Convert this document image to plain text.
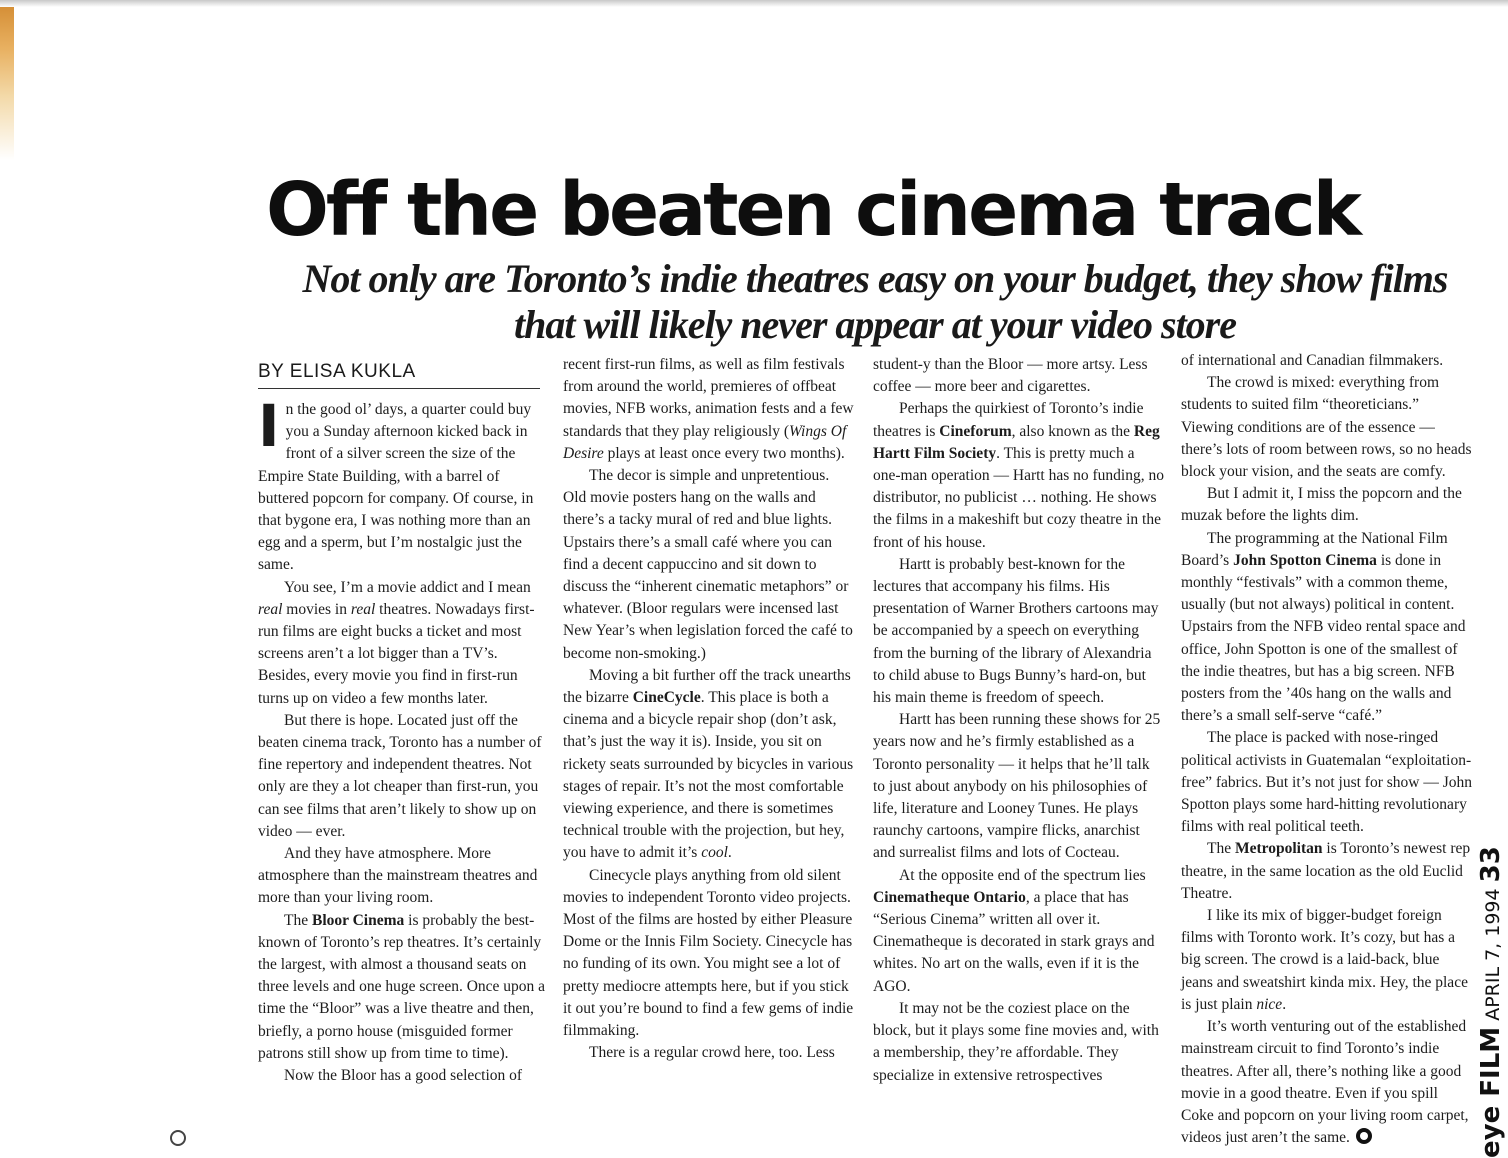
Off the beaten cinema track
Not only are Toronto’s indie theatres easy on your budget, they show films that will likely never appear at your video store
BY ELISA KUKLA

In the good ol’ days, a quarter could buy you a Sunday afternoon kicked back in front of a silver screen the size of the Empire State Building, with a barrel of buttered popcorn for company. Of course, in that bygone era, I was nothing more than an egg and a sperm, but I’m nostalgic just the same.

You see, I’m a movie addict and I mean real movies in real theatres. Nowadays first-run films are eight bucks a ticket and most screens aren’t a lot bigger than a TV’s. Besides, every movie you find in first-run turns up on video a few months later.

But there is hope. Located just off the beaten cinema track, Toronto has a number of fine repertory and independent theatres. Not only are they a lot cheaper than first-run, you can see films that aren’t likely to show up on video — ever.

And they have atmosphere. More atmosphere than the mainstream theatres and more than your living room.

The Bloor Cinema is probably the best-known of Toronto’s rep theatres. It’s certainly the largest, with almost a thousand seats on three levels and one huge screen. Once upon a time the “Bloor” was a live theatre and then, briefly, a porno house (misguided former patrons still show up from time to time).

Now the Bloor has a good selection of

recent first-run films, as well as film festivals from around the world, premieres of offbeat movies, NFB works, animation fests and a few standards that they play religiously (Wings Of Desire plays at least once every two months).

The decor is simple and unpretentious. Old movie posters hang on the walls and there’s a tacky mural of red and blue lights. Upstairs there’s a small café where you can find a decent cappuccino and sit down to discuss the “inherent cinematic metaphors” or whatever. (Bloor regulars were incensed last New Year’s when legislation forced the café to become non-smoking.)

Moving a bit further off the track unearths the bizarre CineCycle. This place is both a cinema and a bicycle repair shop (don’t ask, that’s just the way it is). Inside, you sit on rickety seats surrounded by bicycles in various stages of repair. It’s not the most comfortable viewing experience, and there is sometimes technical trouble with the projection, but hey, you have to admit it’s cool.

Cinecycle plays anything from old silent movies to independent Toronto video projects. Most of the films are hosted by either Pleasure Dome or the Innis Film Society. Cinecycle has no funding of its own. You might see a lot of pretty mediocre attempts here, but if you stick it out you’re bound to find a few gems of indie filmmaking.

There is a regular crowd here, too. Less

student-y than the Bloor — more artsy. Less coffee — more beer and cigarettes.

Perhaps the quirkiest of Toronto’s indie theatres is Cineforum, also known as the Reg Hartt Film Society. This is pretty much a one-man operation — Hartt has no funding, no distributor, no publicist … nothing. He shows the films in a makeshift but cozy theatre in the front of his house.

Hartt is probably best-known for the lectures that accompany his films. His presentation of Warner Brothers cartoons may be accompanied by a speech on everything from the burning of the library of Alexandria to child abuse to Bugs Bunny’s hard-on, but his main theme is freedom of speech.

Hartt has been running these shows for 25 years now and he’s firmly established as a Toronto personality — it helps that he’ll talk to just about anybody on his philosophies of life, literature and Looney Tunes. He plays raunchy cartoons, vampire flicks, anarchist and surrealist films and lots of Cocteau.

At the opposite end of the spectrum lies Cinematheque Ontario, a place that has “Serious Cinema” written all over it. Cinematheque is decorated in stark grays and whites. No art on the walls, even if it is the AGO.

It may not be the coziest place on the block, but it plays some fine movies and, with a membership, they’re affordable. They specialize in extensive retrospectives

of international and Canadian filmmakers.

The crowd is mixed: everything from students to suited film “theoreticians.” Viewing conditions are of the essence — there’s lots of room between rows, so no heads block your vision, and the seats are comfy.

But I admit it, I miss the popcorn and the muzak before the lights dim.

The programming at the National Film Board’s John Spotton Cinema is done in monthly “festivals” with a common theme, usually (but not always) political in content. Upstairs from the NFB video rental space and office, John Spotton is one of the smallest of the indie theatres, but has a big screen. NFB posters from the ’40s hang on the walls and there’s a small self-serve “café.”

The place is packed with nose-ringed political activists in Guatemalan “exploitation-free” fabrics. But it’s not just for show — John Spotton plays some hard-hitting revolutionary films with real political teeth.

The Metropolitan is Toronto’s newest rep theatre, in the same location as the old Euclid Theatre.

I like its mix of bigger-budget foreign films with Toronto work. It’s cozy, but has a big screen. The crowd is a laid-back, blue jeans and sweatshirt kinda mix. Hey, the place is just plain nice.

It’s worth venturing out of the established mainstream circuit to find Toronto’s indie theatres. After all, there’s nothing like a good movie in a good theatre. Even if you spill Coke and popcorn on your living room carpet, videos just aren’t the same.	eye FILM APRIL 7, 1994 33
